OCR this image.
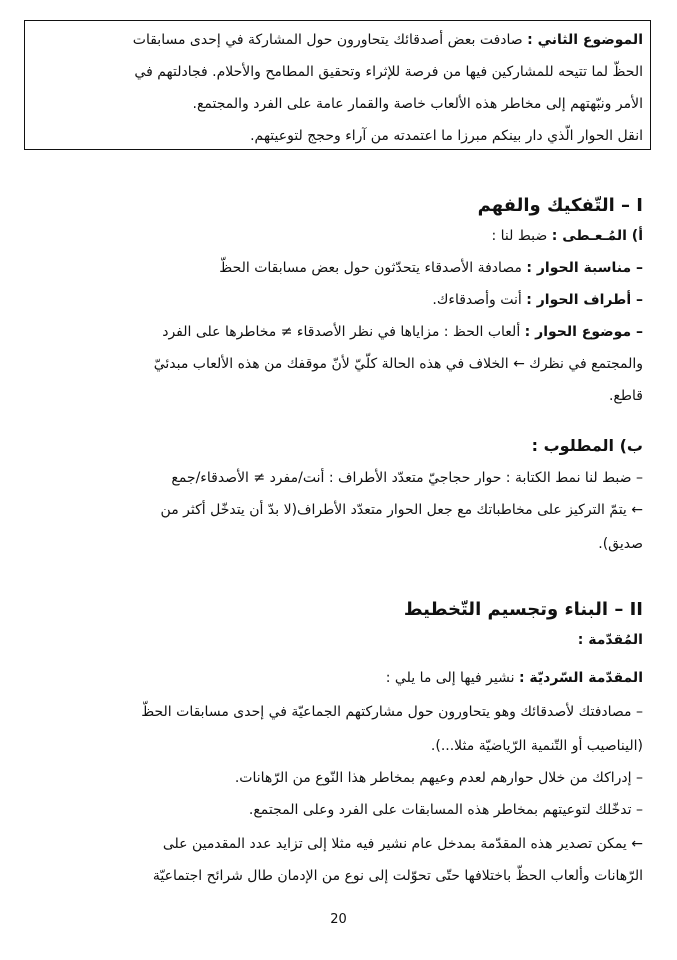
الموضوع الثاني : صادفت بعض أصدقائك يتحاورون حول المشاركة في إحدى مسابقات
الحظّ لما تتيحه للمشاركين فيها من فرصة للإثراء وتحقيق المطامح والأحلام. فجادلتهم في
الأمر ونبّهتهم إلى مخاطر هذه الألعاب خاصة والقمار عامة على الفرد والمجتمع.
انقل الحوار الّذي دار بينكم مبرزا ما اعتمدته من آراء وحجج لتوعيتهم.
I – التّفكيك والفهم
أ) المُـعـطى : ضبط لنا :
– مناسبة الحوار : مصادفة الأصدقاء يتحدّثون حول بعض مسابقات الحظّ
– أطراف الحوار : أنت وأصدقاءك.
– موضوع الحوار : ألعاب الحظ : مزاياها في نظر الأصدقاء ≠ مخاطرها على الفرد
والمجتمع في نظرك ← الخلاف في هذه الحالة كلّيّ لأنّ موقفك من هذه الألعاب مبدئيّ
قاطع.
ب) المطلوب :
– ضبط لنا نمط الكتابة : حوار حجاجيّ متعدّد الأطراف : أنت/مفرد ≠ الأصدقاء/جمع
← يتمّ التركيز على مخاطباتك مع جعل الحوار متعدّد الأطراف(لا بدّ أن يتدخّل أكثر من
صديق).
II – البناء وتجسيم التّخطيط
المُقدّمة :
المقدّمة السّرديّة : نشير فيها إلى ما يلي :
– مصادفتك لأصدقائك وهو يتحاورون حول مشاركتهم الجماعيّة في إحدى مسابقات الحظّ
(اليناصيب أو التّنمية الرّياضيّة مثلا...).
– إدراكك من خلال حوارهم لعدم وعيهم بمخاطر هذا النّوع من الرّهانات.
– تدخّلك لتوعيتهم بمخاطر هذه المسابقات على الفرد وعلى المجتمع.
← يمكن تصدير هذه المقدّمة بمدخل عام نشير فيه مثلا إلى تزايد عدد المقدمين على
الرّهانات وألعاب الحظّ باختلافها حتّى تحوّلت إلى نوع من الإدمان طال شرائح اجتماعيّة
20
